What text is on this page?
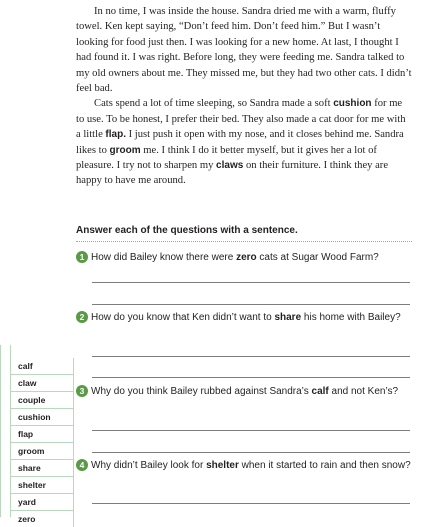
In no time, I was inside the house. Sandra dried me with a warm, fluffy towel. Ken kept saying, “Don’t feed him. Don’t feed him.” But I wasn’t looking for food just then. I was looking for a new home. At last, I thought I had found it. I was right. Before long, they were feeding me. Sandra talked to my old owners about me. They missed me, but they had two other cats. I didn’t feel bad.

Cats spend a lot of time sleeping, so Sandra made a soft cushion for me to use. To be honest, I prefer their bed. They also made a cat door for me with a little flap. I just push it open with my nose, and it closes behind me. Sandra likes to groom me. I think I do it better myself, but it gives her a lot of pleasure. I try not to sharpen my claws on their furniture. I think they are happy to have me around.

Answer each of the questions with a sentence.
1 How did Bailey know there were zero cats at Sugar Wood Farm?
2 How do you know that Ken didn’t want to share his home with Bailey?
3 Why do you think Bailey rubbed against Sandra’s calf and not Ken’s?
4 Why didn’t Bailey look for shelter when it started to rain and then snow?
calf
claw
couple
cushion
flap
groom
share
shelter
yard
zero
